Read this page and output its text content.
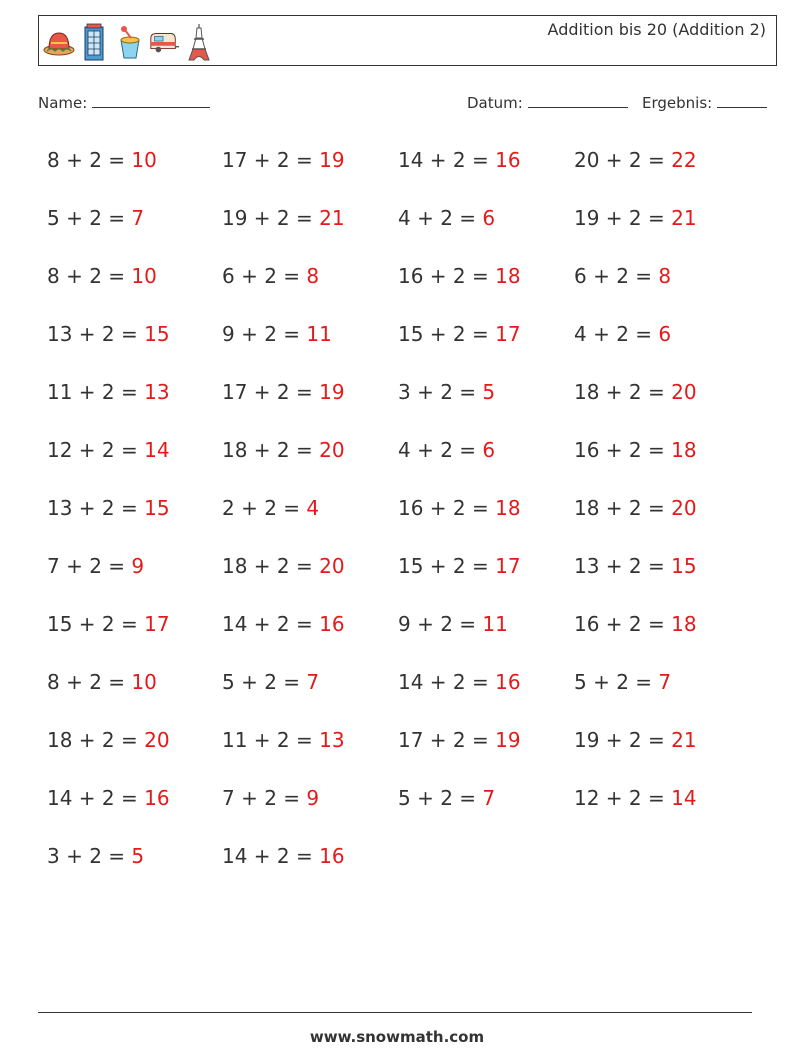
Addition bis 20 (Addition 2)
Name:	Datum:	Ergebnis:
8 + 2 = 10	17 + 2 = 19	14 + 2 = 16	20 + 2 = 22
5 + 2 = 7	19 + 2 = 21	4 + 2 = 6	19 + 2 = 21
8 + 2 = 10	6 + 2 = 8	16 + 2 = 18	6 + 2 = 8
13 + 2 = 15	9 + 2 = 11	15 + 2 = 17	4 + 2 = 6
11 + 2 = 13	17 + 2 = 19	3 + 2 = 5	18 + 2 = 20
12 + 2 = 14	18 + 2 = 20	4 + 2 = 6	16 + 2 = 18
13 + 2 = 15	2 + 2 = 4	16 + 2 = 18	18 + 2 = 20
7 + 2 = 9	18 + 2 = 20	15 + 2 = 17	13 + 2 = 15
15 + 2 = 17	14 + 2 = 16	9 + 2 = 11	16 + 2 = 18
8 + 2 = 10	5 + 2 = 7	14 + 2 = 16	5 + 2 = 7
18 + 2 = 20	11 + 2 = 13	17 + 2 = 19	19 + 2 = 21
14 + 2 = 16	7 + 2 = 9	5 + 2 = 7	12 + 2 = 14
3 + 2 = 5	14 + 2 = 16
www.snowmath.com
